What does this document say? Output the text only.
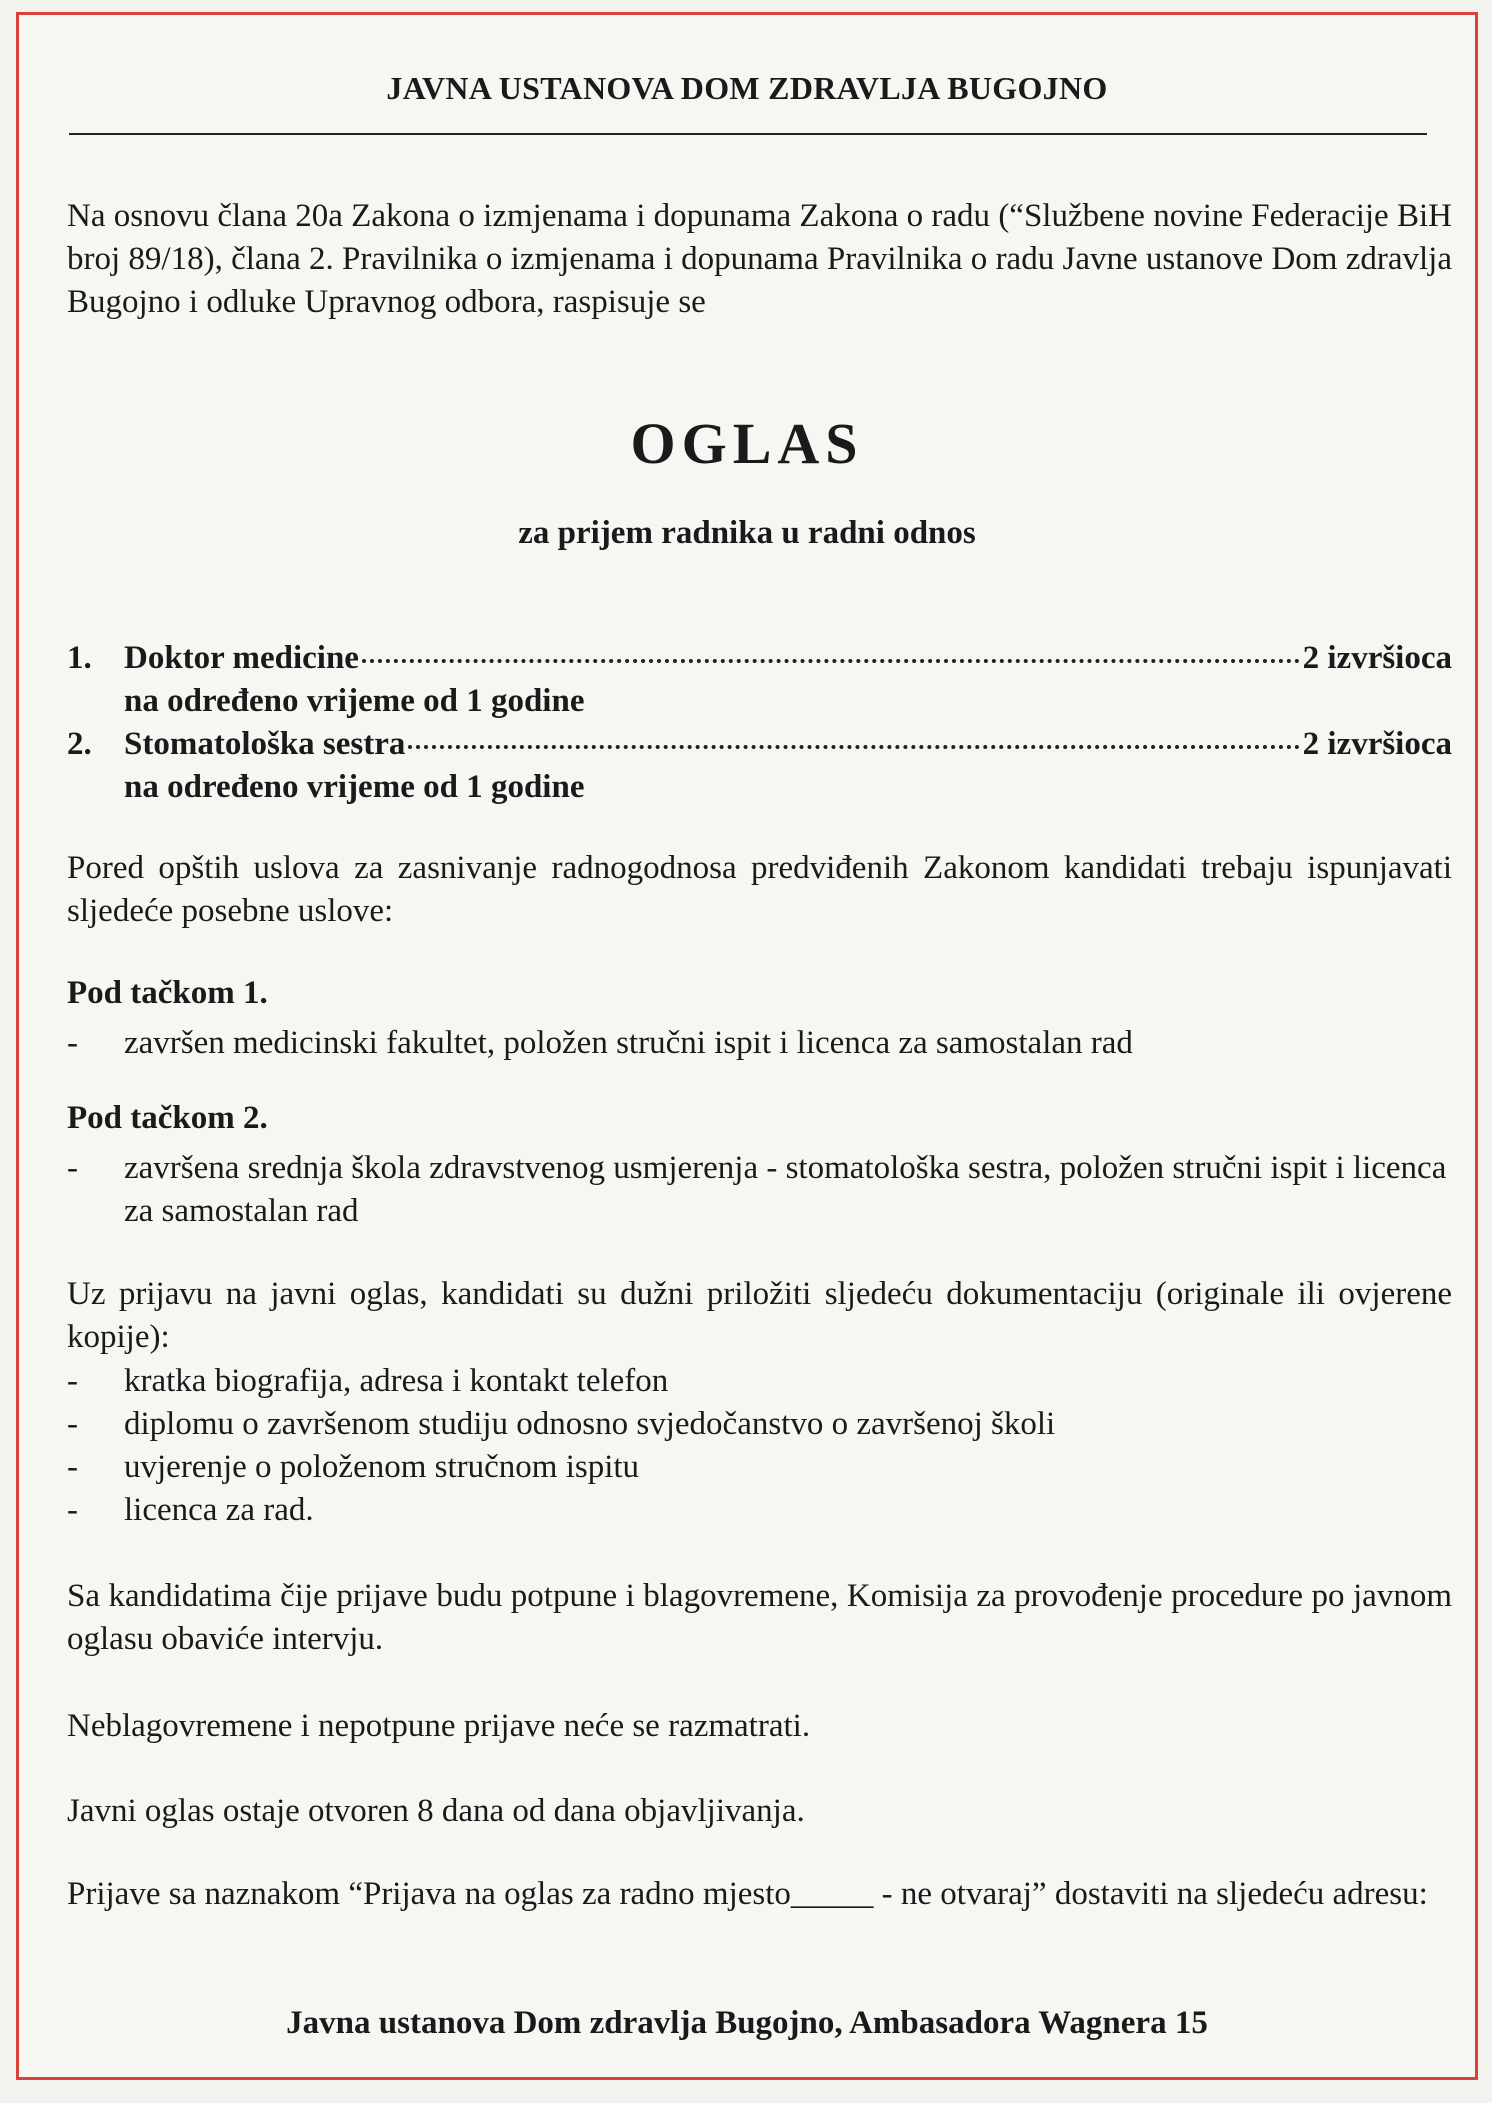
JAVNA USTANOVA DOM ZDRAVLJA BUGOJNO

Na osnovu člana 20a Zakona o izmjenama i dopunama Zakona o radu (“Službene novine Federacije BiH broj 89/18), člana 2. Pravilnika o izmjenama i dopunama Pravilnika o radu Javne ustanove Dom zdravlja Bugojno i odluke Upravnog odbora, raspisuje se

OGLAS
za prijem radnika u radni odnos
1. Doktor medicine	2 izvršioca
na određeno vrijeme od 1 godine
2. Stomatološka sestra	2 izvršioca
na određeno vrijeme od 1 godine

Pored opštih uslova za zasnivanje radnogodnosa predviđenih Zakonom kandidati trebaju ispunjavati sljedeće posebne uslove:

Pod tačkom 1.
-	završen medicinski fakultet, položen stručni ispit i licenca za samostalan rad
Pod tačkom 2.
-	završena srednja škola zdravstvenog usmjerenja - stomatološka sestra, položen stručni ispit i licenca za samostalan rad

Uz prijavu na javni oglas, kandidati su dužni priložiti sljedeću dokumentaciju (originale ili ovjerene kopije):

-	kratka biografija, adresa i kontakt telefon
-	diplomu o završenom studiju odnosno svjedočanstvo o završenoj školi
-	uvjerenje o položenom stručnom ispitu
-	licenca za rad.

Sa kandidatima čije prijave budu potpune i blagovremene, Komisija za provođenje procedure po javnom oglasu obaviće intervju.

Neblagovremene i nepotpune prijave neće se razmatrati.

Javni oglas ostaje otvoren 8 dana od dana objavljivanja.

Prijave sa naznakom “Prijava na oglas za radno mjesto_____ - ne otvaraj” dostaviti na sljedeću adresu:

Javna ustanova Dom zdravlja Bugojno, Ambasadora Wagnera 15
